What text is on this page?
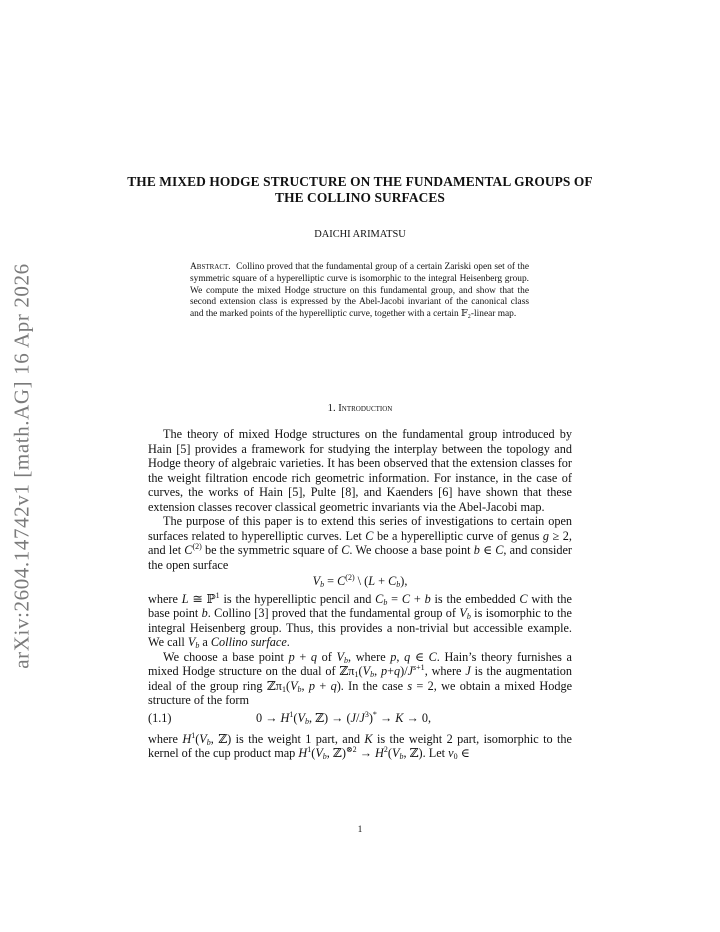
arXiv:2604.14742v1 [math.AG] 16 Apr 2026
THE MIXED HODGE STRUCTURE ON THE FUNDAMENTAL GROUPS OF THE COLLINO SURFACES
DAICHI ARIMATSU
Abstract. Collino proved that the fundamental group of a certain Zariski open set of the symmetric square of a hyperelliptic curve is isomorphic to the integral Heisenberg group. We compute the mixed Hodge structure on this fundamental group, and show that the second extension class is expressed by the Abel-Jacobi invariant of the canonical class and the marked points of the hyperelliptic curve, together with a certain 𝔽₂-linear map.
1. Introduction

The theory of mixed Hodge structures on the fundamental group introduced by Hain [5] provides a framework for studying the interplay between the topology and Hodge theory of algebraic varieties. It has been observed that the extension classes for the weight filtration encode rich geometric information. For instance, in the case of curves, the works of Hain [5], Pulte [8], and Kaenders [6] have shown that these extension classes recover classical geometric invariants via the Abel-Jacobi map.

The purpose of this paper is to extend this series of investigations to certain open surfaces related to hyperelliptic curves. Let C be a hyperelliptic curve of genus g ≥ 2, and let $C^{(2)}$ be the symmetric square of C. We choose a base point b ∈ C, and consider the open surface

$V_b = C^{(2)}$ \ $(L + C_b)$,

where L ≅ ℙ$^1$ is the hyperelliptic pencil and $C_b = C + b$ is the embedded C with the base point b. Collino [3] proved that the fundamental group of $V_b$ is isomorphic to the integral Heisenberg group. Thus, this provides a non-trivial but accessible example. We call $V_b$ a Collino surface.

We choose a base point p + q of $V_b$, where p, q ∈ C. Hain’s theory furnishes a mixed Hodge structure on the dual of $ℤ\pi_1(V_b$, $p+q)/J^{s+1}$, where J is the augmentation ideal of the group ring $ℤ\pi_1(V_b$, p + q). In the case s = 2, we obtain a mixed Hodge structure of the form

(1.1)	$0 \to H^1(V_b$, ℤ) → $(J/J^3)^* \to K \to 0$,

where $H^1(V_b$, ℤ) is the weight 1 part, and K is the weight 2 part, isomorphic to the kernel of the cup product map $H^1(V_b$, ℤ)$^{\otimes 2}$ → $H^2(V_b$, ℤ). Let $v_0$ ∈

1
